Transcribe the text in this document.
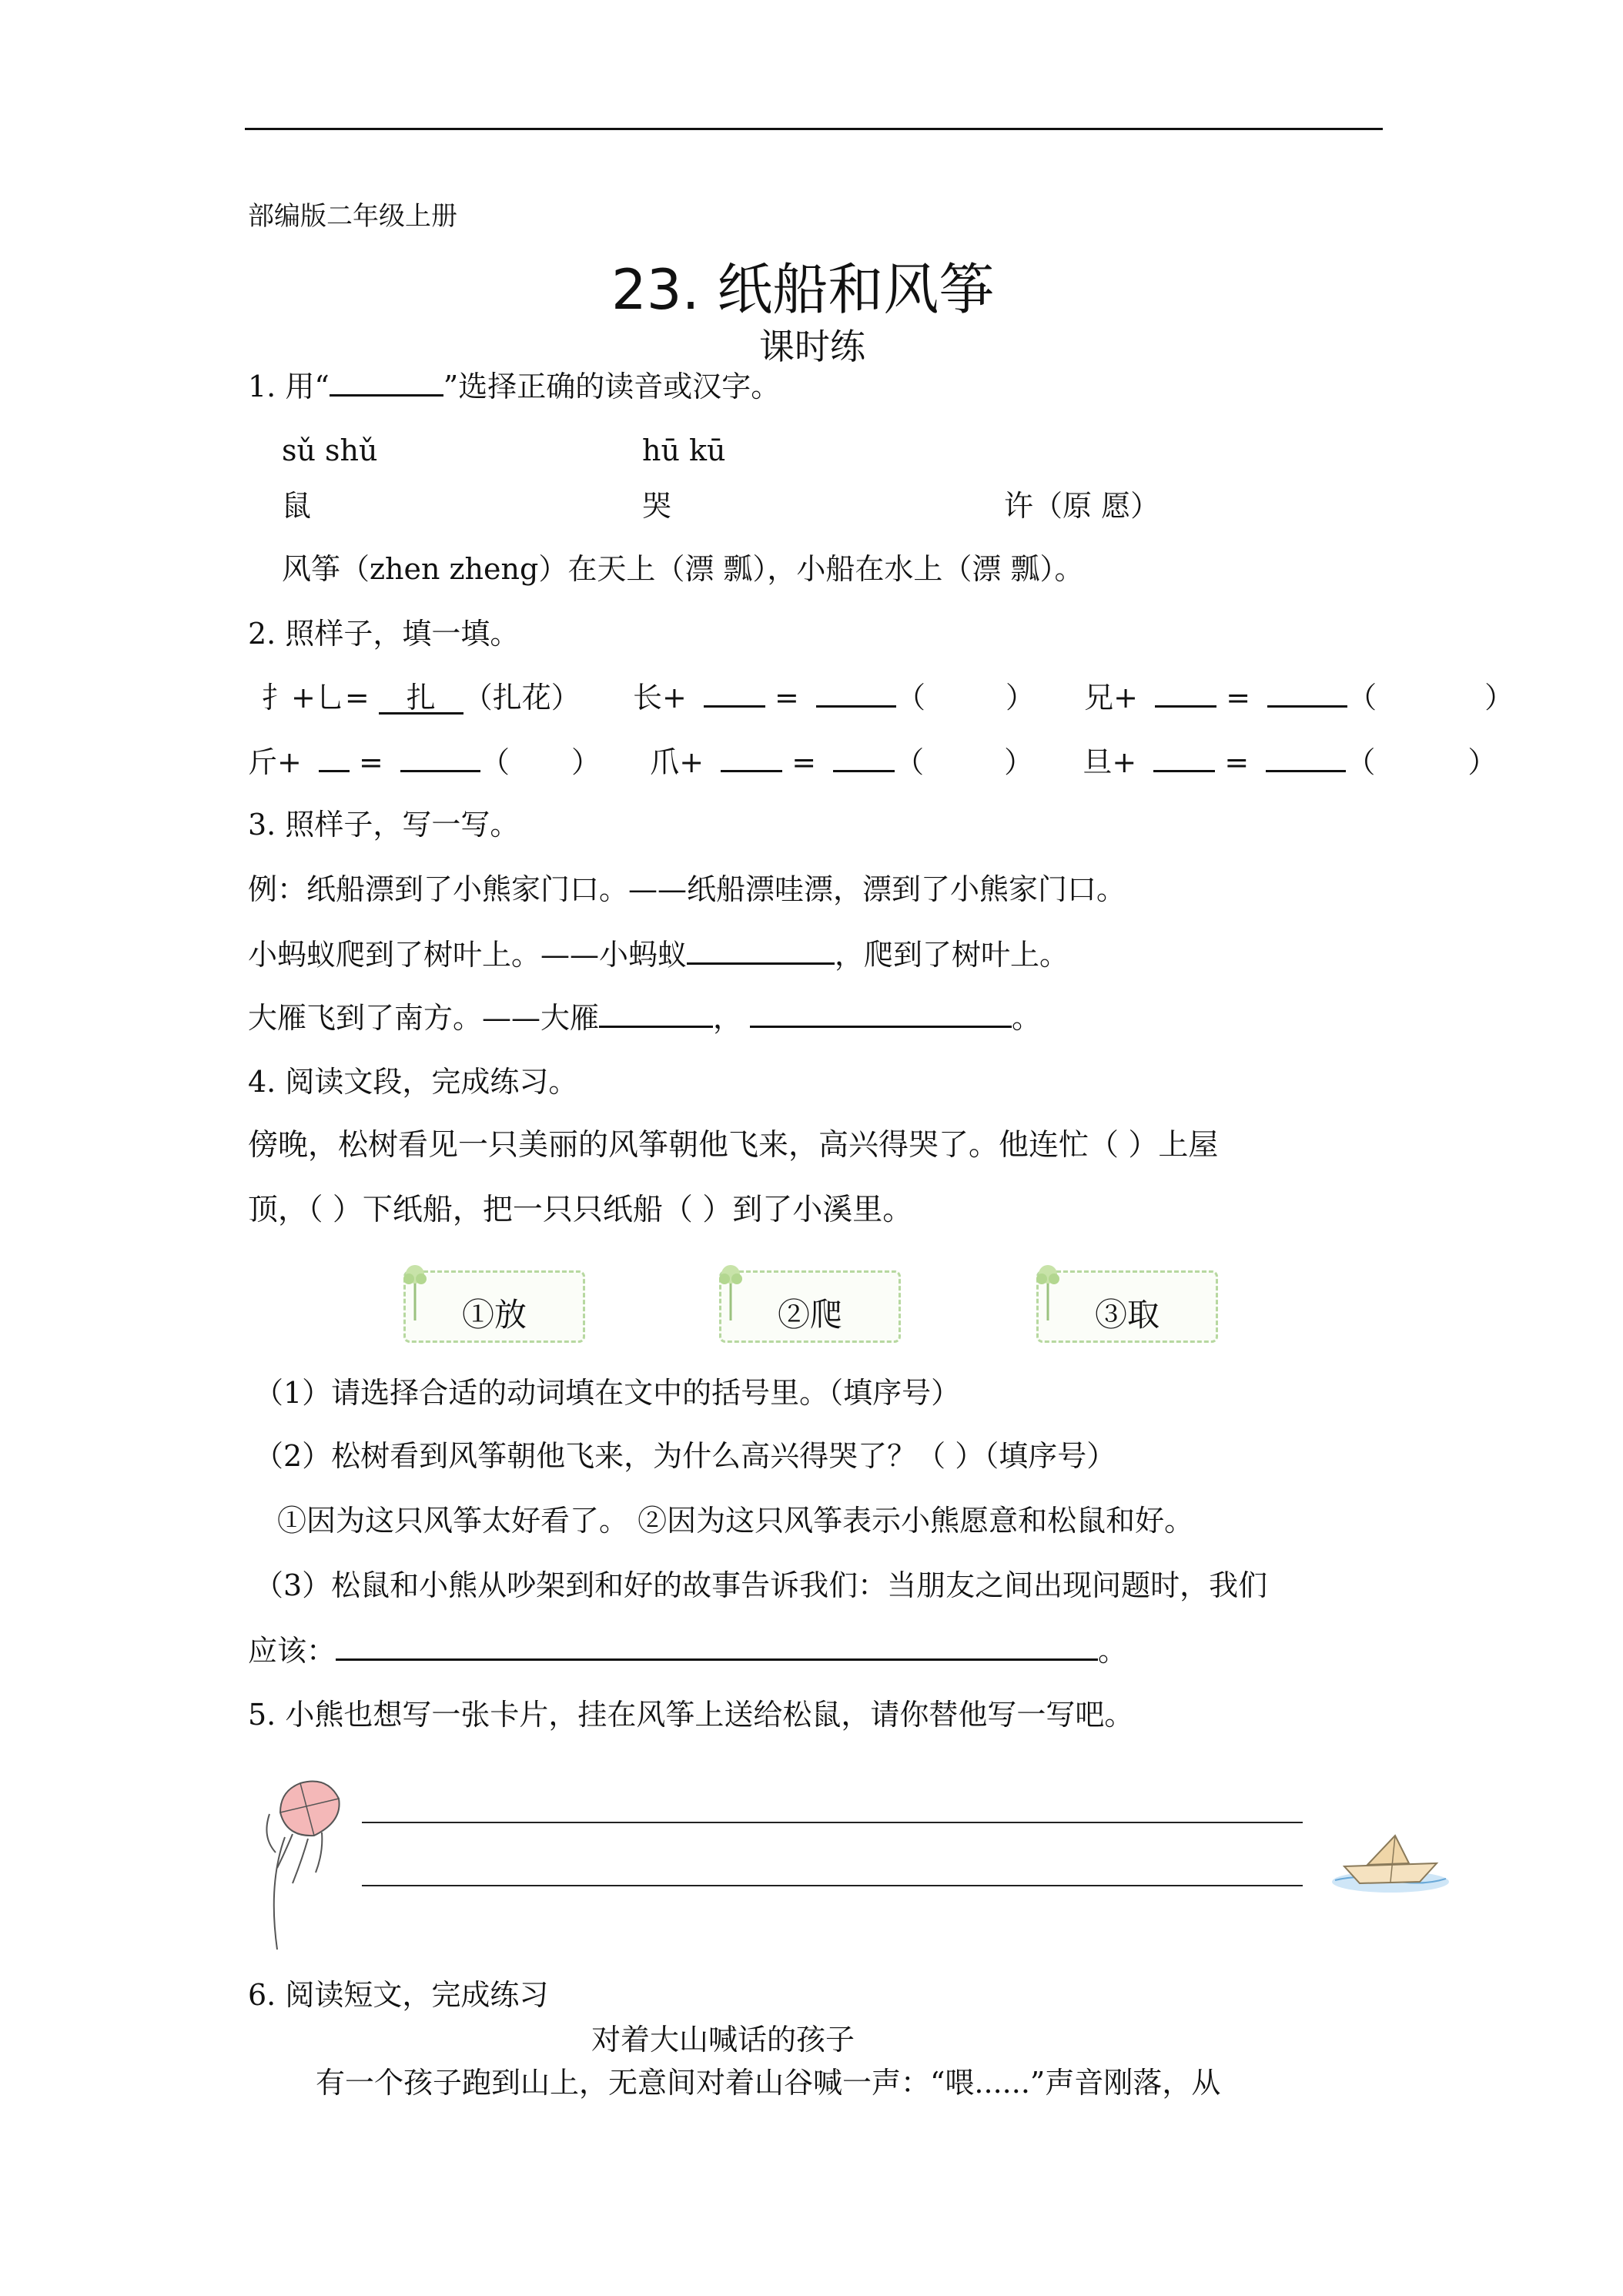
部编版二年级上册
23. 纸船和风筝
课时练
1. 用“	”选择正确的读音或汉字。
sǔ shǔ	hū kū
鼠	哭	许（原 愿）
风筝（zhen zheng）在天上（漂 瓢），小船在水上（漂 瓢）。
2. 照样子，填一填。
扌+乚= 扎 （扎花） 长+	=	（	） 兄+	=	（	）
斤+ =	（ ） 爪+	=	（	） 旦+	=	（	）
3. 照样子，写一写。
例：纸船漂到了小熊家门口。——纸船漂哇漂，漂到了小熊家门口。
小蚂蚁爬到了树叶上。——小蚂蚁	，爬到了树叶上。
大雁飞到了南方。——大雁	，	。
4. 阅读文段，完成练习。
傍晚，松树看见一只美丽的风筝朝他飞来，高兴得哭了。他连忙（ ）上屋
顶，（ ）下纸船，把一只只纸船（ ）到了小溪里。
①放	②爬	③取
（1）请选择合适的动词填在文中的括号里。（填序号）
（2）松树看到风筝朝他飞来，为什么高兴得哭了？（ ）（填序号）
①因为这只风筝太好看了。 ②因为这只风筝表示小熊愿意和松鼠和好。
（3）松鼠和小熊从吵架到和好的故事告诉我们：当朋友之间出现问题时，我们
应该：	。
5. 小熊也想写一张卡片，挂在风筝上送给松鼠，请你替他写一写吧。
6. 阅读短文，完成练习
对着大山喊话的孩子
有一个孩子跑到山上，无意间对着山谷喊一声：“喂......”声音刚落，从
